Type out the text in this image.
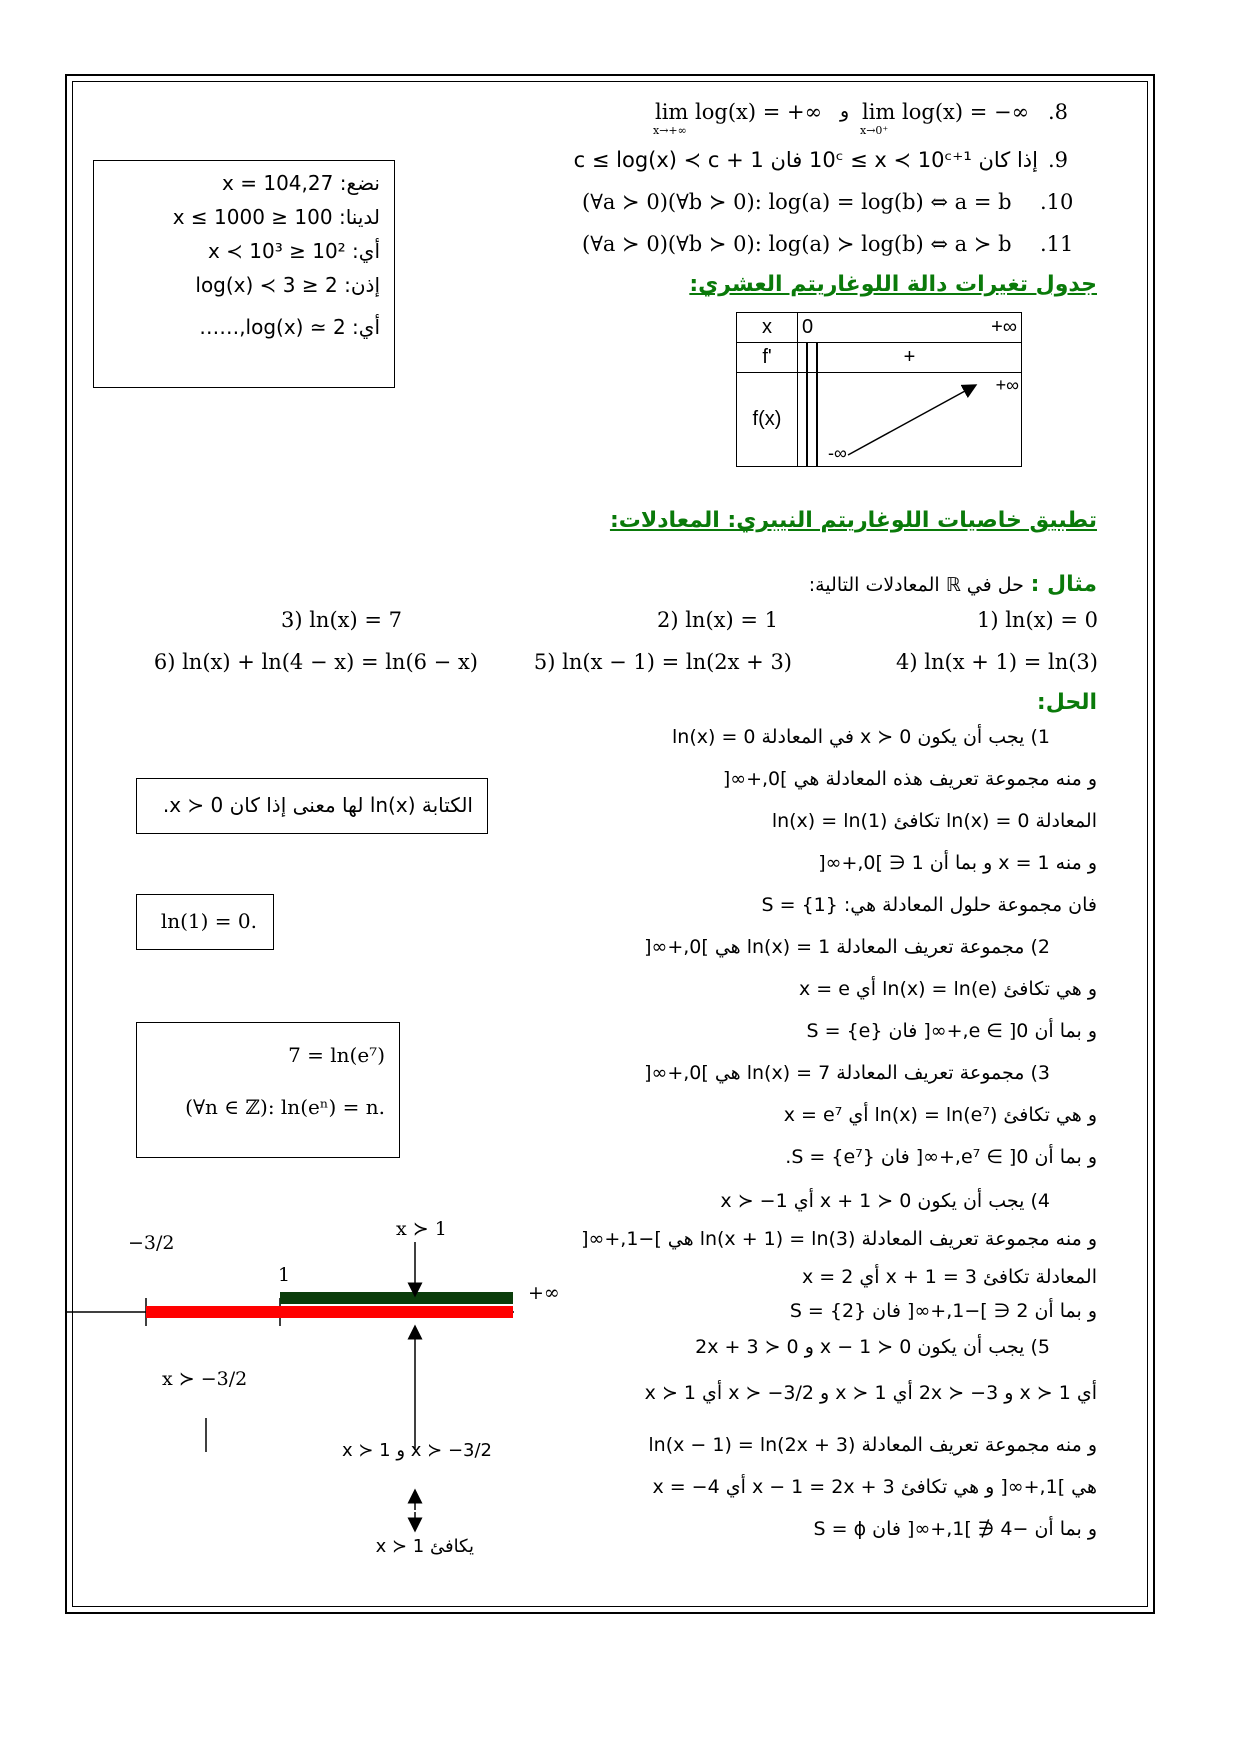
.8
lim log(x) = −∞
x→0⁺
و
lim log(x) = +∞
x→+∞
.9
إذا كان 10ᶜ ≤ x ≺ 10ᶜ⁺¹ فان c ≤ log(x) ≺ c + 1
.10
(∀a ≻ 0)(∀b ≻ 0): log(a) = log(b) ⇔ a = b
.11
(∀a ≻ 0)(∀b ≻ 0): log(a) ≻ log(b) ⇔ a ≻ b
نضع: x = 104,27
لدينا: 100 ≤ x ≤ 1000
أي: 10² ≤ x ≺ 10³
إذن: 2 ≤ log(x) ≺ 3
أي: log(x) ≃ 2,……
جدول تغيرات دالة اللوغاريتم العشري:
x	0 +∞

f'	+
f(x)	+∞
-∞
تطبيق خاصيات اللوغاريتم النيبري: المعادلات:
مثال : حل في ℝ المعادلات التالية:
1) ln(x) = 0
2) ln(x) = 1
3) ln(x) = 7
4) ln(x + 1) = ln(3)
5) ln(x − 1) = ln(2x + 3)
6) ln(x) + ln(4 − x) = ln(6 − x)
الحل:
1) يجب أن يكون x ≻ 0 في المعادلة ln(x) = 0
و منه مجموعة تعريف هذه المعادلة هي ]0,+∞[
المعادلة ln(x) = 0 تكافئ ln(x) = ln(1)
و منه x = 1 و بما أن 1 ∈ ]0,+∞[
فان مجموعة حلول المعادلة هي: S = {1}
2) مجموعة تعريف المعادلة ln(x) = 1 هي ]0,+∞[
و هي تكافئ ln(x) = ln(e) أي x = e
و بما أن e ∈ ]0,+∞[ فان S = {e}
3) مجموعة تعريف المعادلة ln(x) = 7 هي ]0,+∞[
و هي تكافئ ln(x) = ln(e⁷) أي x = e⁷
و بما أن e⁷ ∈ ]0,+∞[ فان S = {e⁷}.
4) يجب أن يكون x + 1 ≻ 0 أي x ≻ −1
و منه مجموعة تعريف المعادلة ln(x + 1) = ln(3) هي ]−1,+∞[
المعادلة تكافئ x + 1 = 3 أي x = 2
و بما أن 2 ∈ ]−1,+∞[ فان S = {2}
5) يجب أن يكون x − 1 ≻ 0 و 2x + 3 ≻ 0
أي x ≻ 1 و 2x ≻ −3 أي x ≻ 1 و x ≻ −3/2 أي x ≻ 1
و منه مجموعة تعريف المعادلة ln(x − 1) = ln(2x + 3)
هي ]1,+∞[ و هي تكافئ x − 1 = 2x + 3 أي x = −4
و بما أن −4 ∉ ]1,+∞[ فان S = ϕ
الكتابة ln(x) لها معنى إذا كان x ≻ 0.
ln(1) = 0.
7 = ln(e⁷)
(∀n ∈ ℤ): ln(eⁿ) = n.
x ≻ 1
−3/2
1
+∞
x ≻ −3/2
x ≻ 1 و x ≻ −3/2
يكافئ x ≻ 1
